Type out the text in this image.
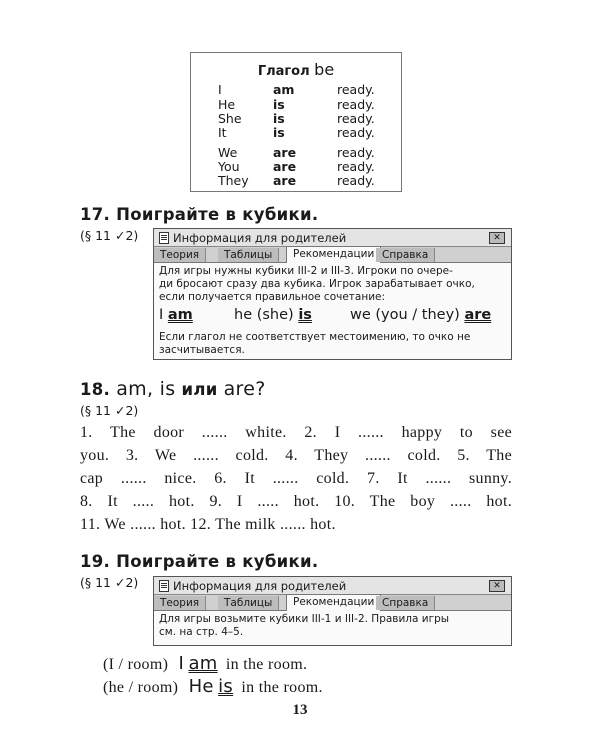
Глагол be
I	am	ready.
He	is	ready.
She	is	ready.
It	is	ready.
We	are	ready.
You	are	ready.
They are	ready.
17. Поиграйте в кубики.
(§ 11 ✓2)	Информация для родителей	✕
Теория	Таблицы	Рекомендации Справка
Для игры нужны кубики III-2 и III-3. Игроки по очере-
ди бросают сразу два кубика. Игрок зарабатывает очко,
если получается правильное сочетание:
I am	he (she) is	we (you / they) are
Если глагол не соответствует местоимению, то очко не
засчитывается.
18. am, is или are?
(§ 11 ✓2)
1. The door ...... white. 2. I ...... happy to see
you. 3. We ...... cold. 4. They ...... cold. 5. The
cap ...... nice. 6. It ...... cold. 7. It ...... sunny.
8. It ..... hot. 9. I ..... hot. 10. The boy ..... hot.
11. We ...... hot. 12. The milk ...... hot.
19. Поиграйте в кубики.
(§ 11 ✓2)	Информация для родителей	✕
Теория	Таблицы	Рекомендации Справка
Для игры возьмите кубики III-1 и III-2. Правила игры
см. на стр. 4–5.
(I / room) I am in the room.
(he / room) He is in the room.
13
